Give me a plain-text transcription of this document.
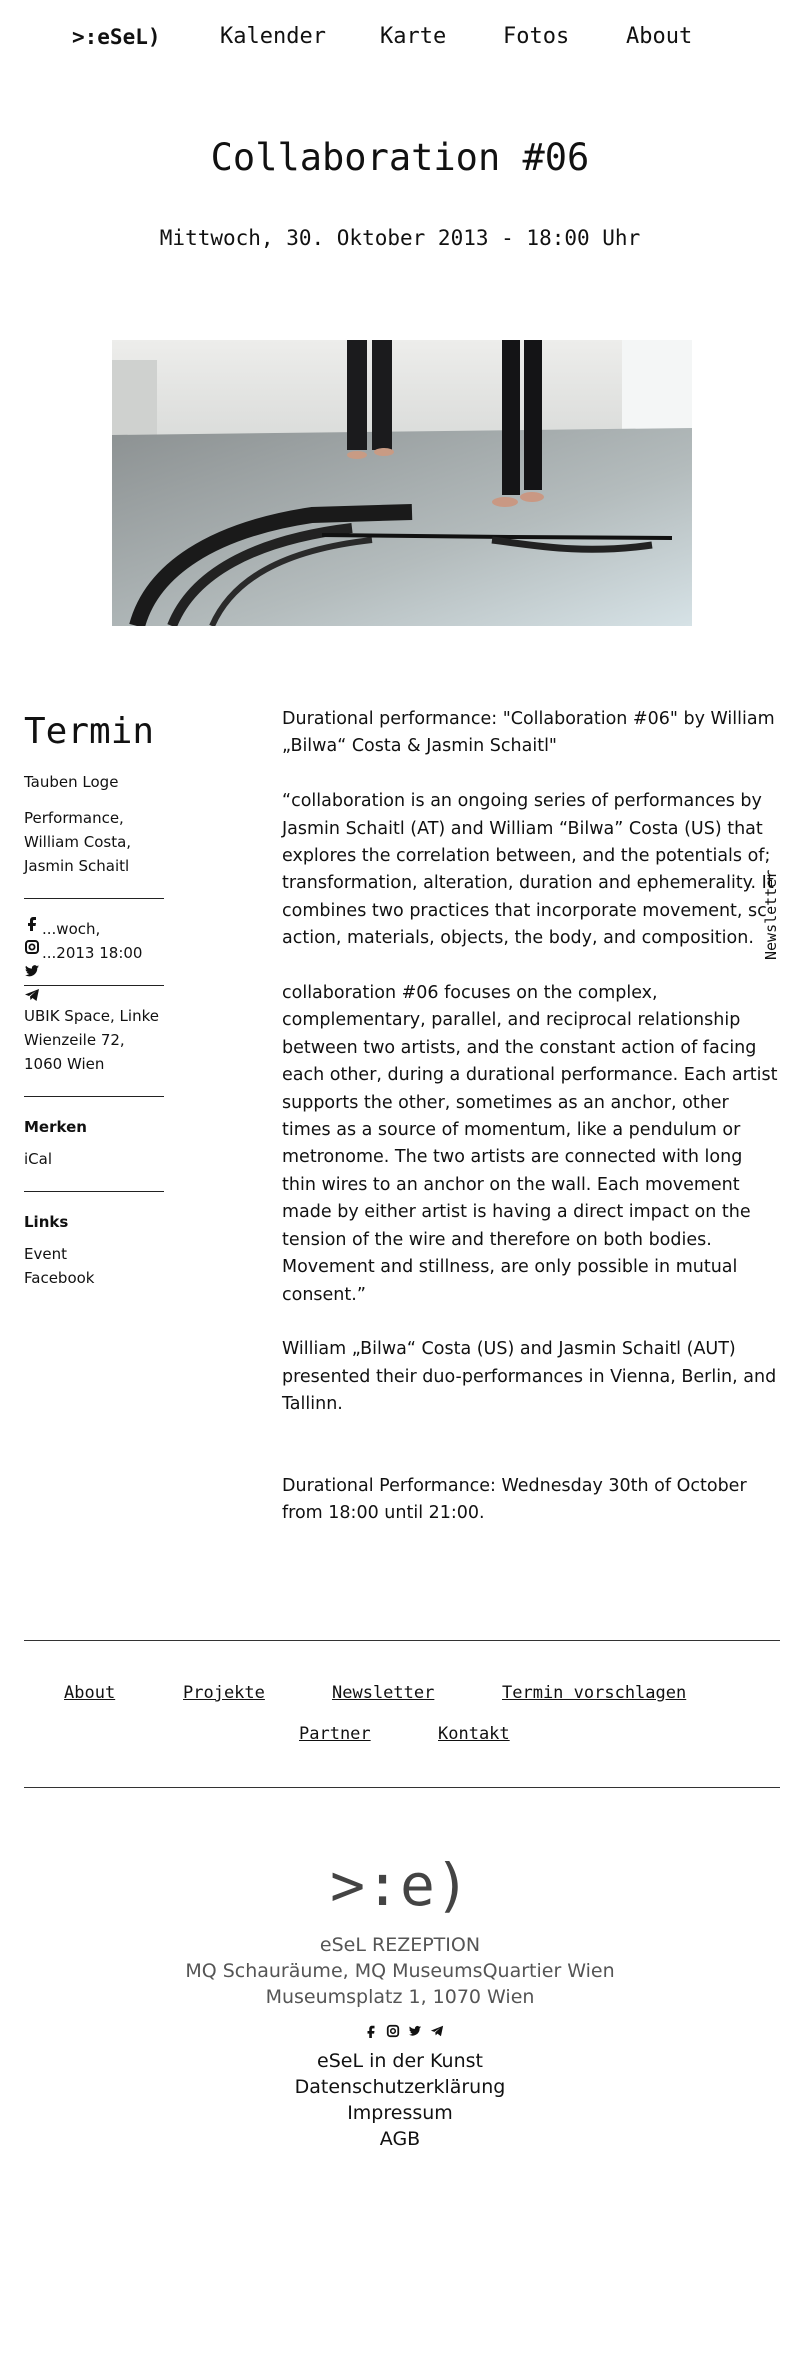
>:eSeL)	Kalender Karte	Fotos	About
Collaboration #06
Mittwoch, 30. Oktober 2013 - 18:00 Uhr
Termin

Tauben Loge

Performance, William Costa, Jasmin Schaitl

...woch,
...2013 18:00

UBIK Space, Linke Wienzeile 72, 1060 Wien

Merken

iCal

Links

Event Facebook

Durational performance: "Collaboration #06" by William „Bilwa“ Costa & Jasmin Schaitl"

“collaboration is an ongoing series of performances by Jasmin Schaitl (AT) and William “Bilwa” Costa (US) that explores the correlation between, and the potentials of; transformation, alteration, duration and ephemerality. It combines two practices that incorporate movement, sc action, materials, objects, the body, and composition.

collaboration #06 focuses on the complex, complementary, parallel, and reciprocal relationship between two artists, and the constant action of facing each other, during a durational performance. Each artist supports the other, sometimes as an anchor, other times as a source of momentum, like a pendulum or metronome. The two artists are connected with long thin wires to an anchor on the wall. Each movement made by either artist is having a direct impact on the tension of the wire and therefore on both bodies. Movement and stillness, are only possible in mutual consent.”

William „Bilwa“ Costa (US) and Jasmin Schaitl (AUT) presented their duo-performances in Vienna, Berlin, and Tallinn.

Durational Performance: Wednesday 30th of October from 18:00 until 21:00.

Newsletter
About	Projekte	Newsletter	Termin vorschlagen
Partner	Kontakt
>:e)
eSeL REZEPTION
MQ Schauräume, MQ MuseumsQuartier Wien
Museumsplatz 1, 1070 Wien
eSeL in der Kunst
Datenschutzerklärung
Impressum
AGB
